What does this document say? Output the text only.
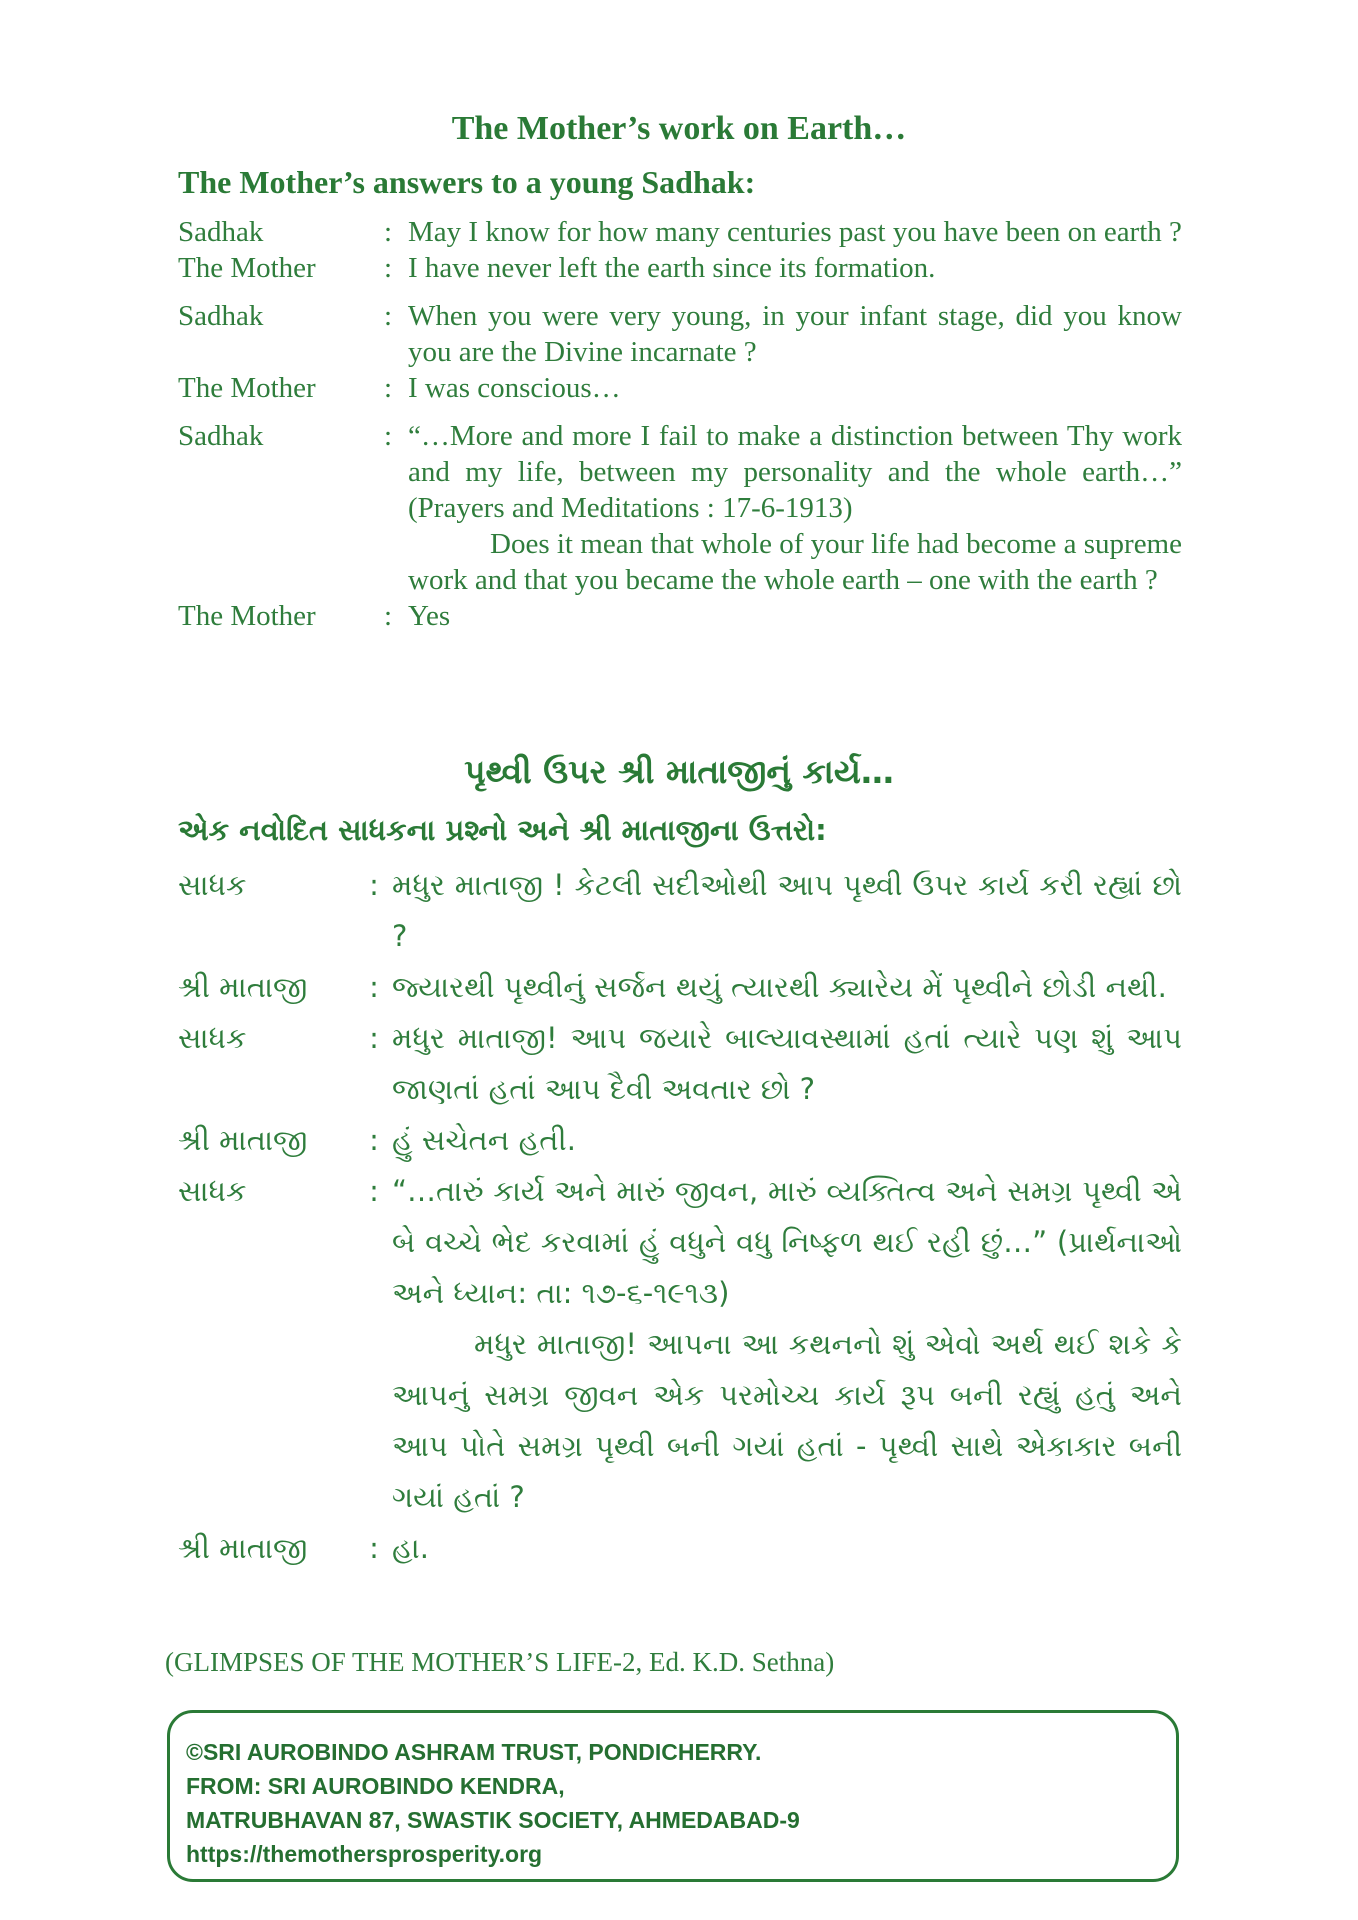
The Mother’s work on Earth…
The Mother’s answers to a young Sadhak:
Sadhak	: May I know for how many centuries past you have been on earth ?
The Mother	: I have never left the earth since its formation.
Sadhak	: When you were very young, in your infant stage, did you know you are the Divine incarnate ?
The Mother	: I was conscious…
Sadhak	: “…More and more I fail to make a distinction between Thy work and my life, between my personality and the whole earth…” (Prayers and Meditations : 17-6-1913)
Does it mean that whole of your life had become a supreme work and that you became the whole earth – one with the earth ?
The Mother	: Yes
પૃથ્વી ઉપર શ્રી માતાજીનું કાર્ય…
એક નવોદિત સાધકના પ્રશ્નો અને શ્રી માતાજીના ઉત્તરો:
સાધક	: મધુર માતાજી ! કેટલી સદીઓથી આપ પૃથ્વી ઉપર કાર્ય કરી રહ્યાં છો ?
શ્રી માતાજી	: જ્યારથી પૃથ્વીનું સર્જન થયું ત્યારથી ક્યારેય મેં પૃથ્વીને છોડી નથી.
સાધક	: મધુર માતાજી! આપ જયારે બાલ્યાવસ્થામાં હતાં ત્યારે પણ શું આપ જાણતાં હતાં આપ દૈવી અવતાર છો ?
શ્રી માતાજી	: હું સચેતન હતી.
સાધક	: “…તારું કાર્ય અને મારું જીવન, મારું વ્યક્તિત્વ અને સમગ્ર પૃથ્વી એ બે વચ્ચે ભેદ કરવામાં હું વધુને વધુ નિષ્ફળ થઈ રહી છું…” (પ્રાર્થનાઓ અને ધ્યાન: તા: ૧૭-૬-૧૯૧૩)
મધુર માતાજી! આપના આ કથનનો શું એવો અર્થ થઈ શકે કે આપનું સમગ્ર જીવન એક પરમોચ્ચ કાર્ય રૂપ બની રહ્યું હતું અને આપ પોતે સમગ્ર પૃથ્વી બની ગયાં હતાં - પૃથ્વી સાથે એકાકાર બની ગયાં હતાં ?
શ્રી માતાજી	: હા.
(GLIMPSES OF THE MOTHER’S LIFE-2, Ed. K.D. Sethna)
©SRI AUROBINDO ASHRAM TRUST, PONDICHERRY.
FROM: SRI AUROBINDO KENDRA,
MATRUBHAVAN 87, SWASTIK SOCIETY, AHMEDABAD-9
https://themothersprosperity.org
